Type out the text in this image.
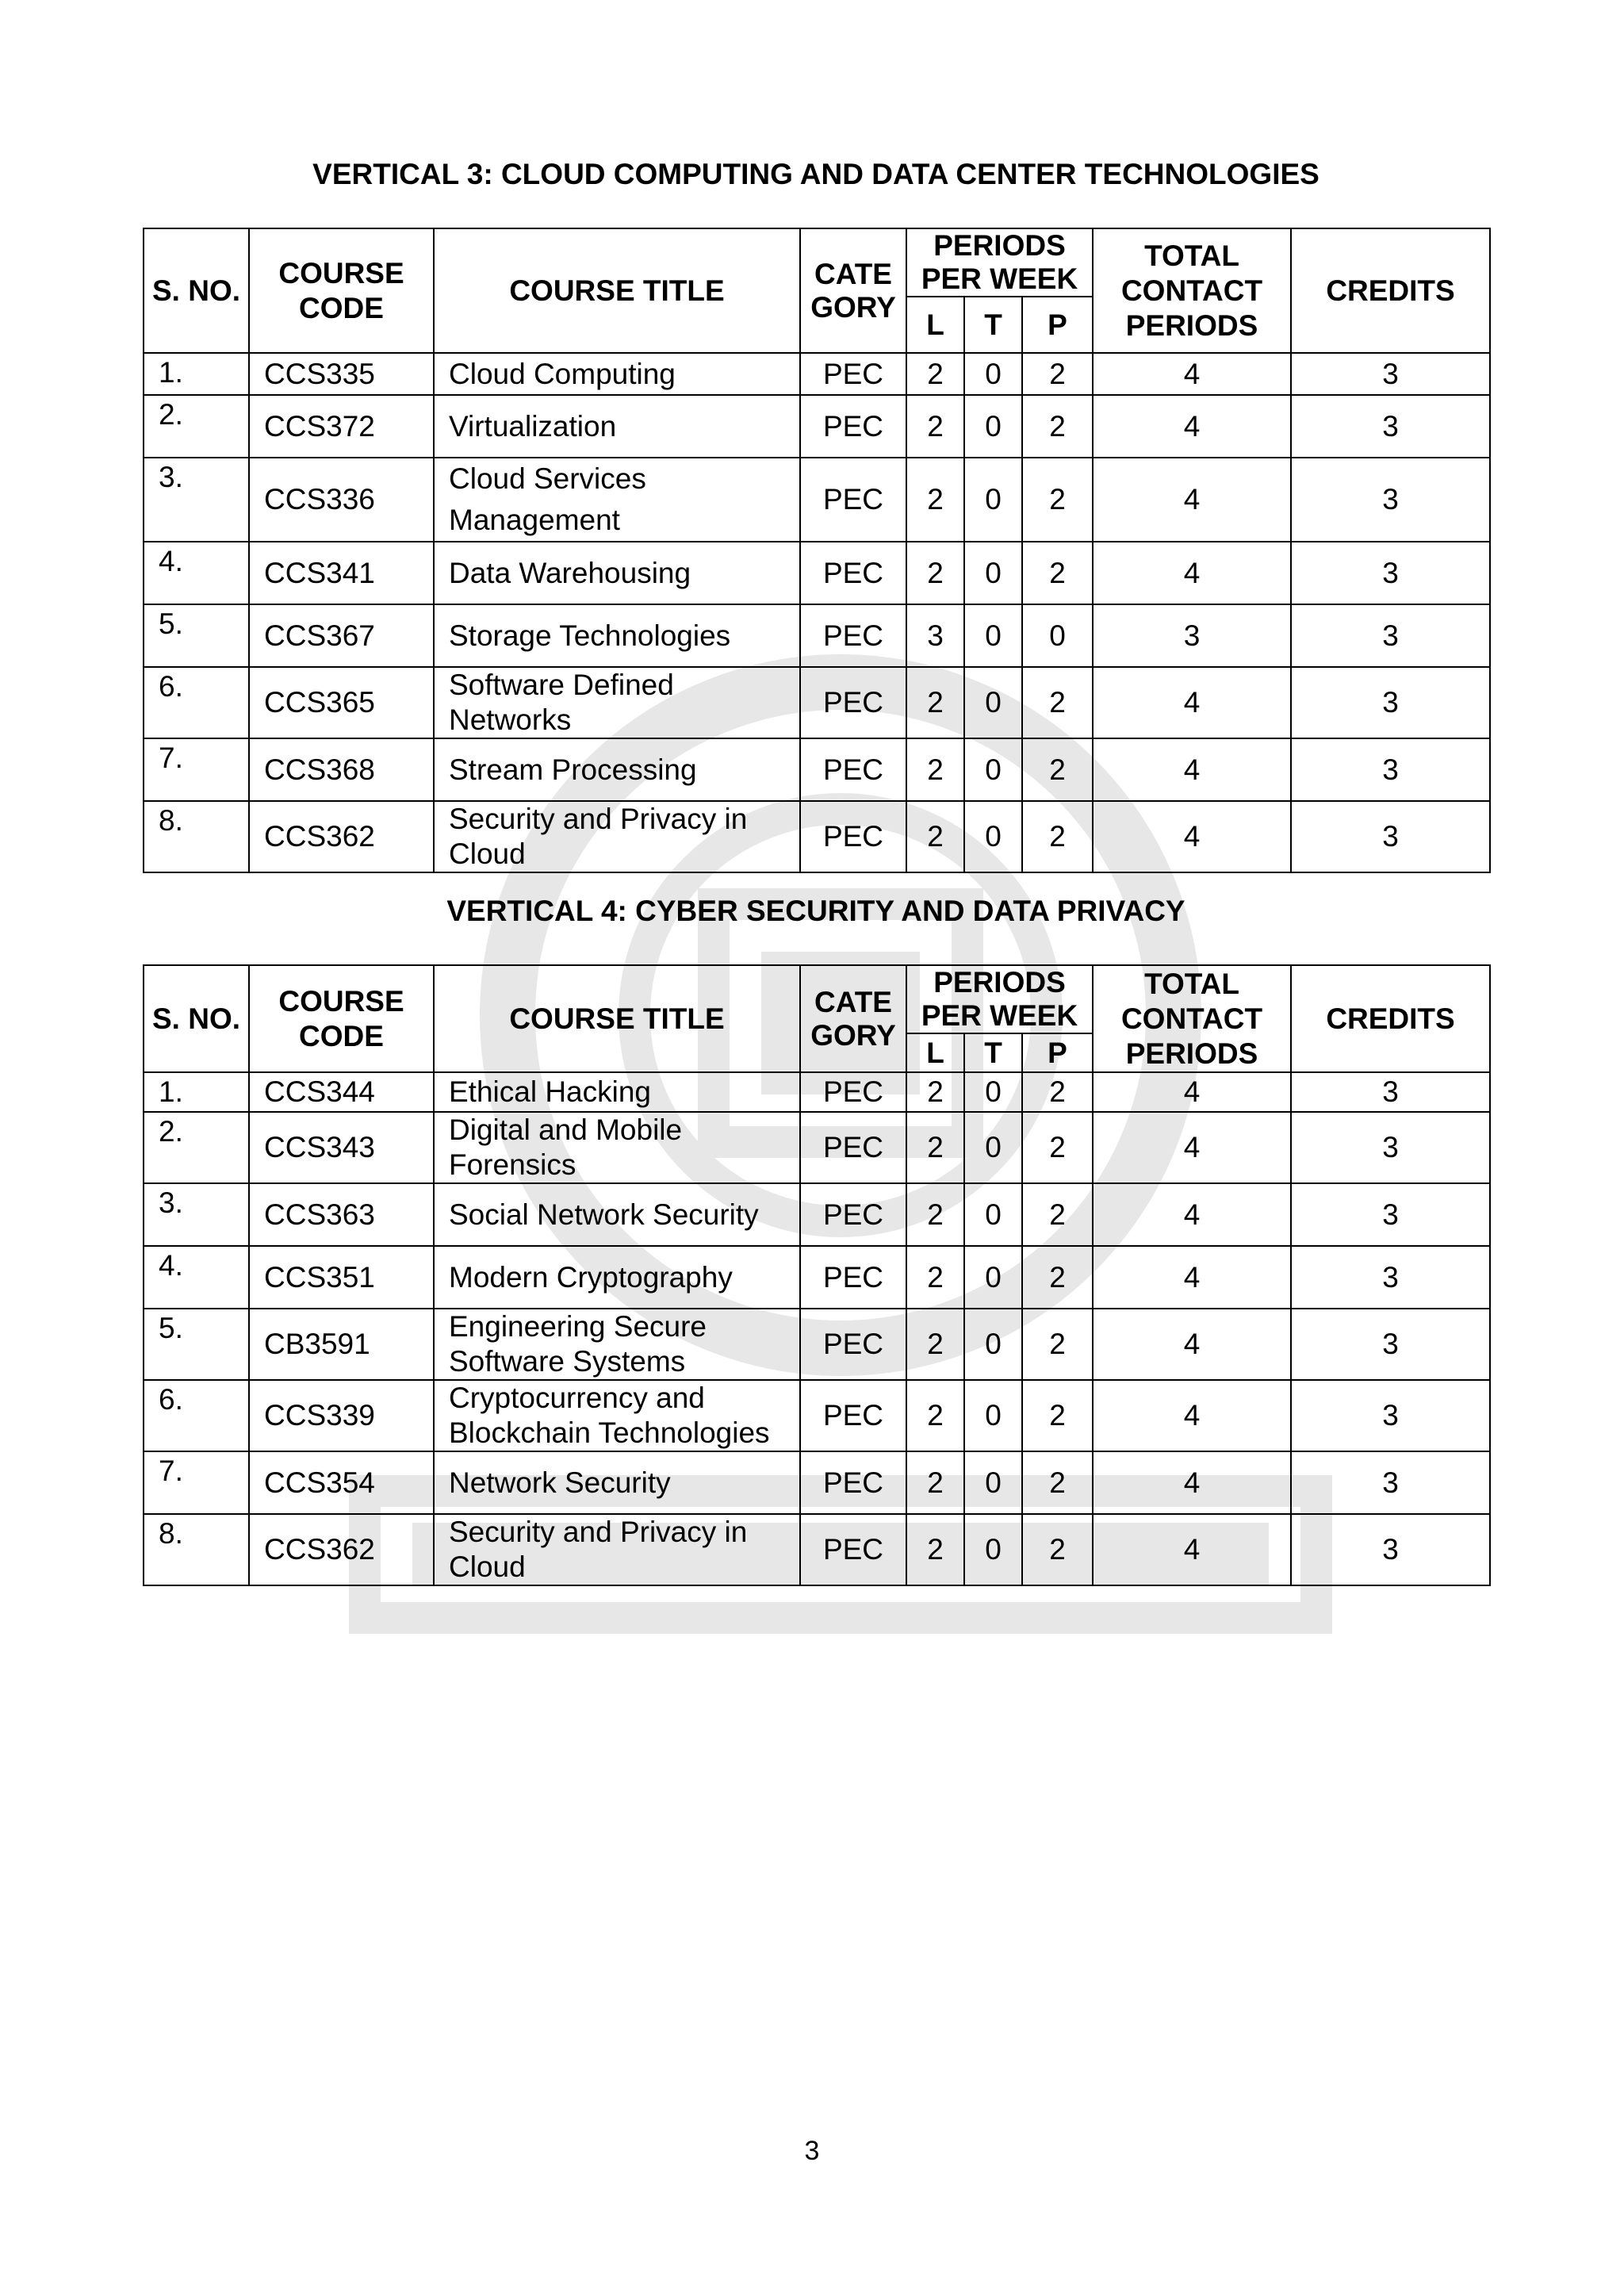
VERTICAL 3: CLOUD COMPUTING AND DATA CENTER TECHNOLOGIES
S. NO.	COURSE CODE	COURSE TITLE	CATE GORY	PERIODS PER WEEK			TOTAL CONTACT PERIODS	CREDITS
				L	T	P		
1.	CCS335	Cloud Computing	PEC	2	0	2	4	3
2.	CCS372	Virtualization	PEC	2	0	2	4	3
3.	CCS336	Cloud Services Management	PEC	2	0	2	4	3
4.	CCS341	Data Warehousing	PEC	2	0	2	4	3
5.	CCS367	Storage Technologies	PEC	3	0	0	3	3
6.	CCS365	Software Defined Networks	PEC	2	0	2	4	3
7.	CCS368	Stream Processing	PEC	2	0	2	4	3
8.	CCS362	Security and Privacy in Cloud	PEC	2	0	2	4	3
VERTICAL 4: CYBER SECURITY AND DATA PRIVACY
S. NO.	COURSE CODE	COURSE TITLE	CATE GORY	PERIODS PER WEEK			TOTAL CONTACT PERIODS	CREDITS
				L	T	P		
1.	CCS344	Ethical Hacking	PEC	2	0	2	4	3
2.	CCS343	Digital and Mobile Forensics	PEC	2	0	2	4	3
3.	CCS363	Social Network Security	PEC	2	0	2	4	3
4.	CCS351	Modern Cryptography	PEC	2	0	2	4	3
5.	CB3591	Engineering Secure Software Systems	PEC	2	0	2	4	3
6.	CCS339	Cryptocurrency and Blockchain Technologies	PEC	2	0	2	4	3
7.	CCS354	Network Security	PEC	2	0	2	4	3
8.	CCS362	Security and Privacy in Cloud	PEC	2	0	2	4	3
3
